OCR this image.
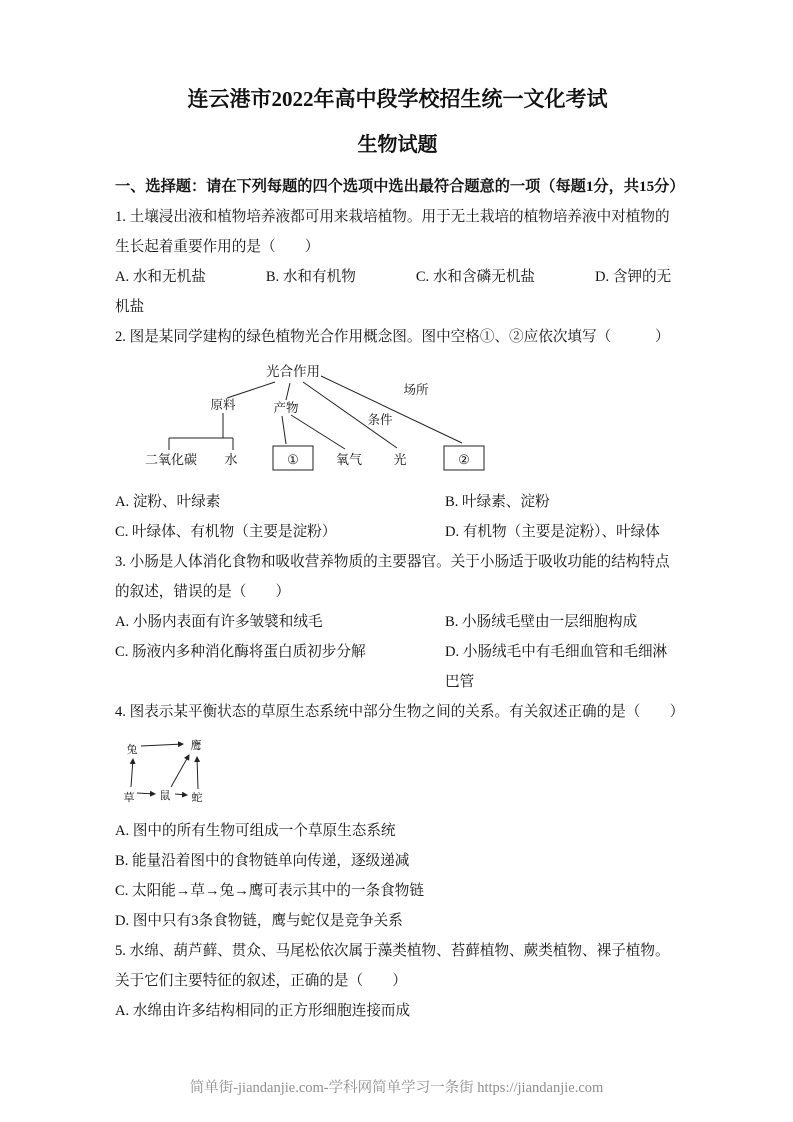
连云港市2022年高中段学校招生统一文化考试
生物试题

一、选择题：请在下列每题的四个选项中选出最符合题意的一项（每题1分，共15分）

1. 土壤浸出液和植物培养液都可用来栽培植物。用于无土栽培的植物培养液中对植物的生长起着重要作用的是（　　）

A. 水和无机盐	B. 水和有机物	C. 水和含磷无机盐	D. 含钾的无机盐

2. 图是某同学建构的绿色植物光合作用概念图。图中空格①、②应依次填写（　　　）

光合作用
原料	产物
条件
场所
二氧化碳 水	①	氧气 光	②
A. 淀粉、叶绿素	B. 叶绿素、淀粉
C. 叶绿体、有机物（主要是淀粉）	D. 有机物（主要是淀粉）、叶绿体

3. 小肠是人体消化食物和吸收营养物质的主要器官。关于小肠适于吸收功能的结构特点的叙述，错误的是（　　）

A. 小肠内表面有许多皱襞和绒毛	B. 小肠绒毛壁由一层细胞构成
C. 肠液内多种消化酶将蛋白质初步分解	D. 小肠绒毛中有毛细血管和毛细淋巴管

4. 图表示某平衡状态的草原生态系统中部分生物之间的关系。有关叙述正确的是（　　）

兔	鹰
草 鼠 蛇

A. 图中的所有生物可组成一个草原生态系统

B. 能量沿着图中的食物链单向传递，逐级递减

C. 太阳能→草→兔→鹰可表示其中的一条食物链

D. 图中只有3条食物链，鹰与蛇仅是竞争关系

5. 水绵、葫芦藓、贯众、马尾松依次属于藻类植物、苔藓植物、蕨类植物、裸子植物。关于它们主要特征的叙述，正确的是（　　）

A. 水绵由许多结构相同的正方形细胞连接而成

简单街-jiandanjie.com-学科网简单学习一条街 https://jiandanjie.com
